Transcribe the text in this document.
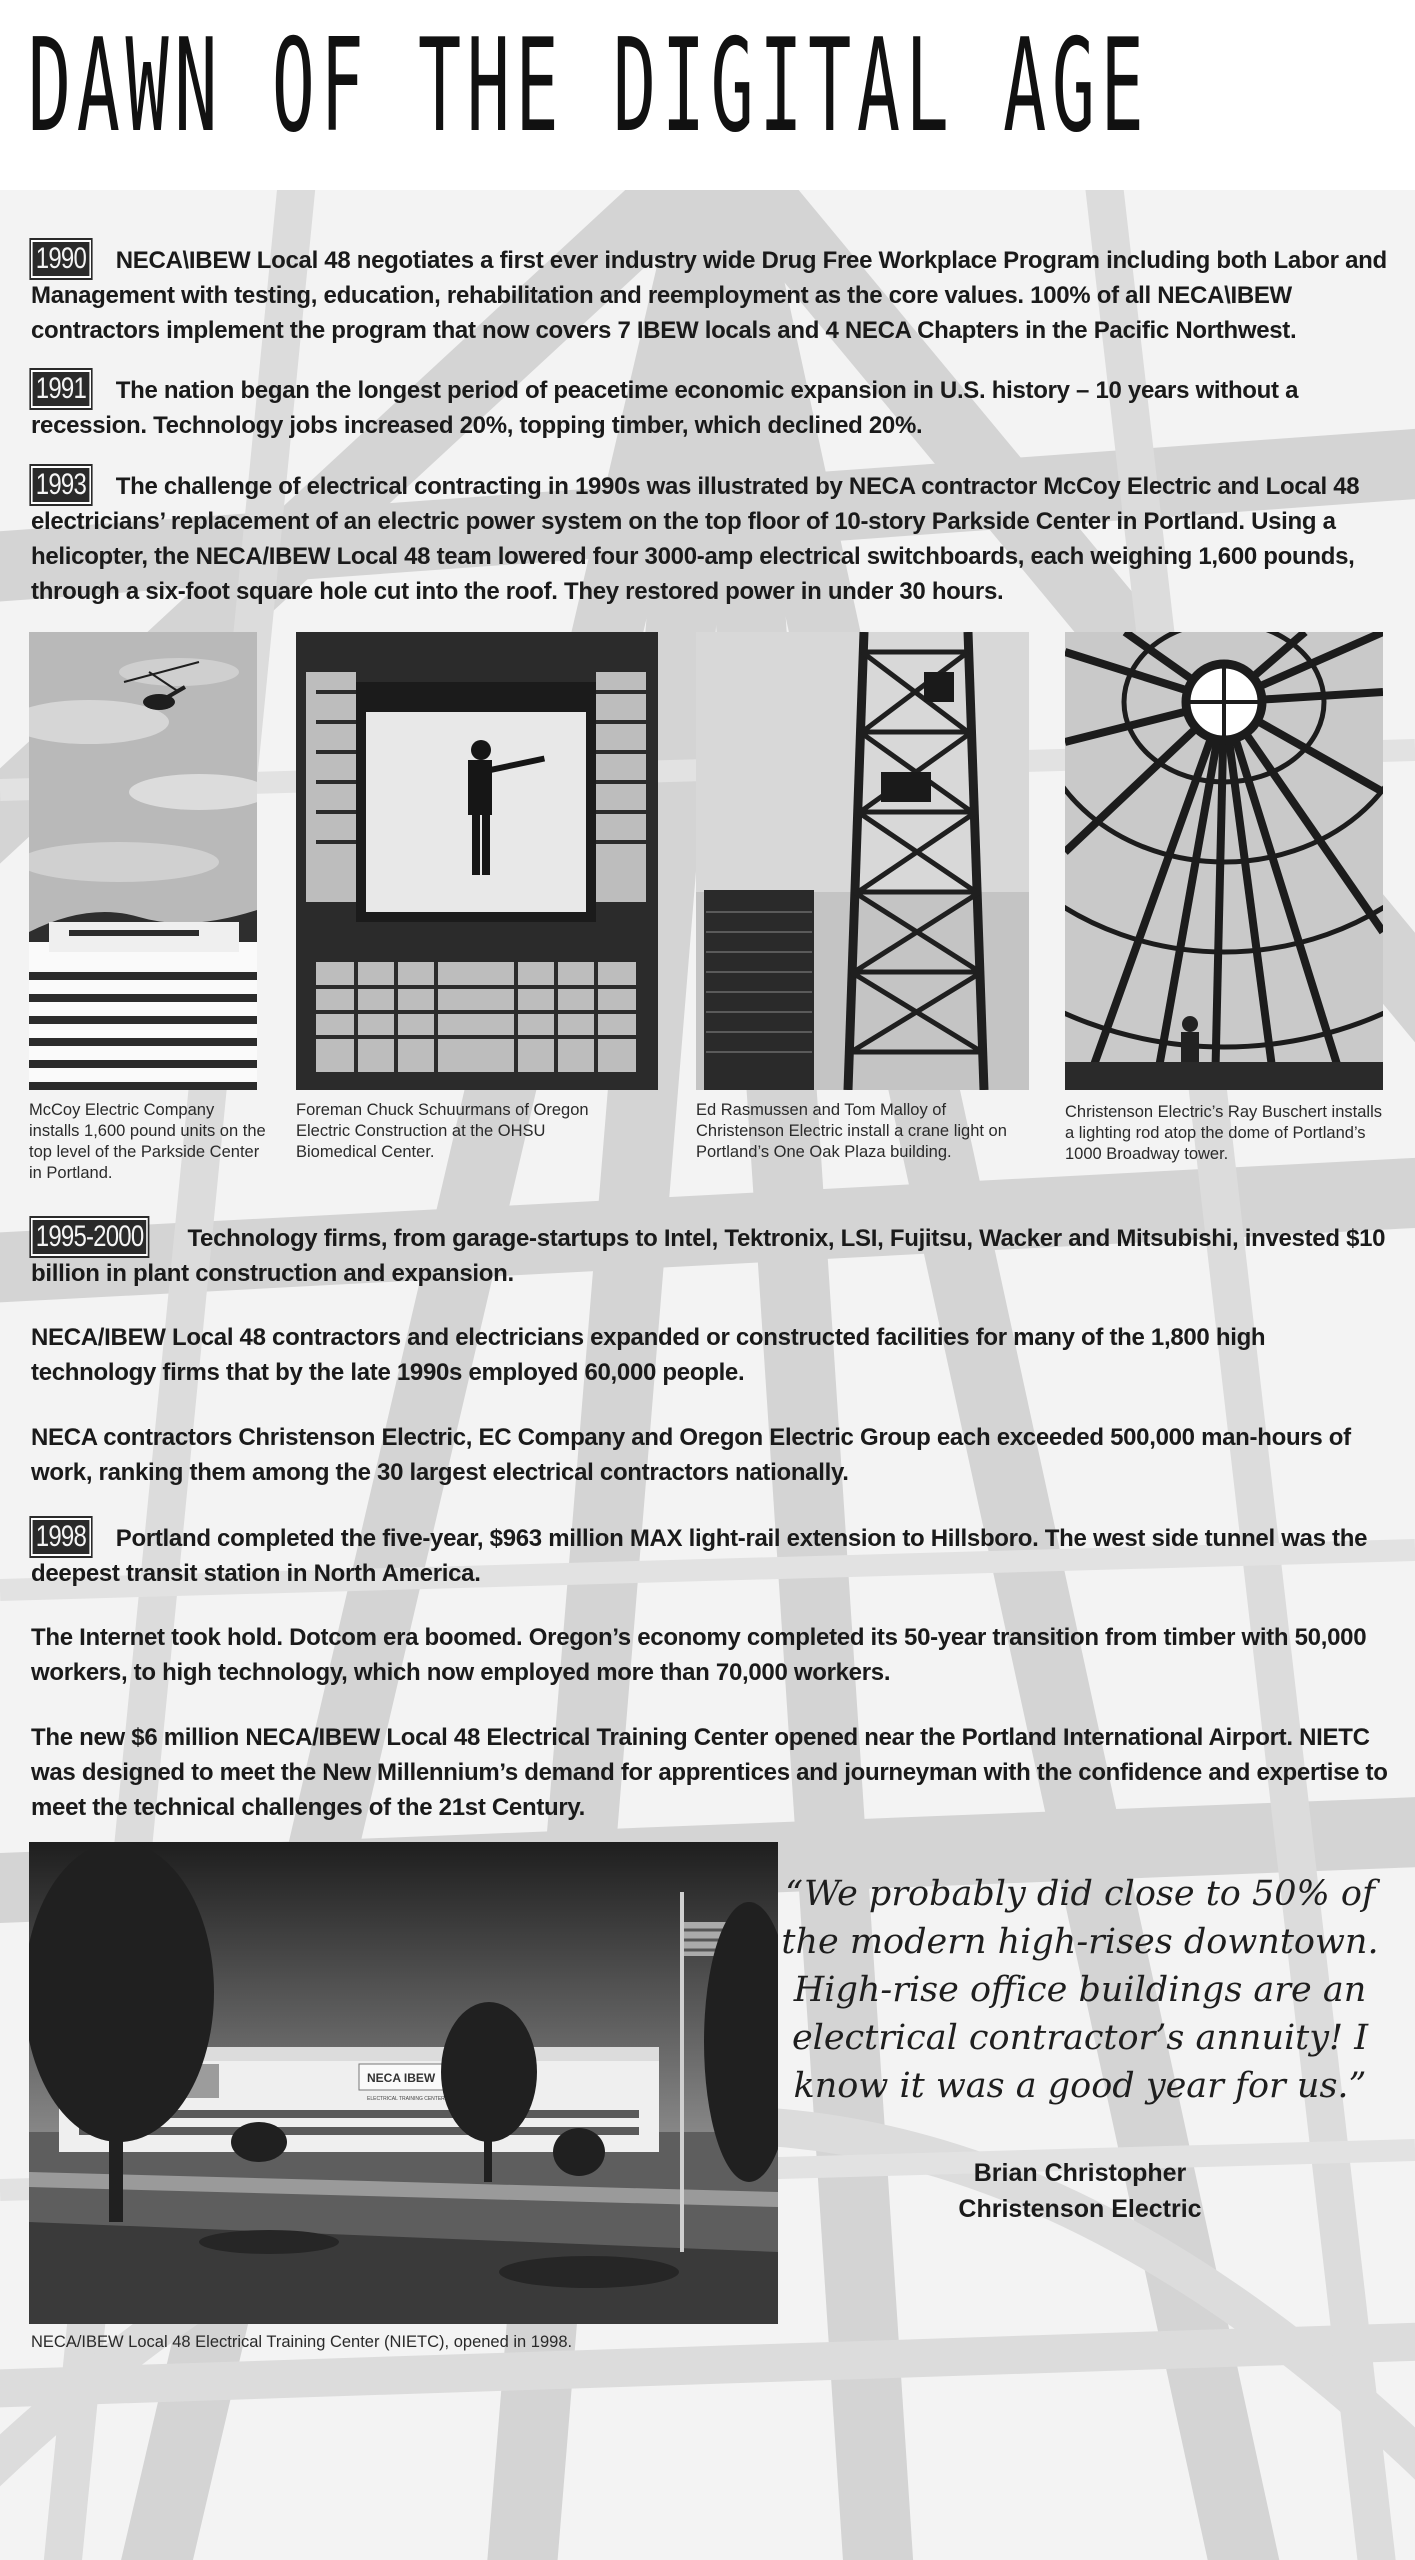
DAWN OF THE DIGITAL AGE

1990 NECA\IBEW Local 48 negotiates a first ever industry wide Drug Free Workplace Program including both Labor and Management with testing, education, rehabilitation and reemployment as the core values. 100% of all NECA\IBEW contractors implement the program that now covers 7 IBEW locals and 4 NECA Chapters in the Pacific Northwest.

1991 The nation began the longest period of peacetime economic expansion in U.S. history – 10 years without a recession. Technology jobs increased 20%, topping timber, which declined 20%.

1993 The challenge of electrical contracting in 1990s was illustrated by NECA contractor McCoy Electric and Local 48 electricians’ replacement of an electric power system on the top floor of 10-story Parkside Center in Portland. Using a helicopter, the NECA/IBEW Local 48 team lowered four 3000-amp electrical switchboards, each weighing 1,600 pounds, through a six-foot square hole cut into the roof. They restored power in under 30 hours.

McCoy Electric Company installs 1,600 pound units on the top level of the Parkside Center in Portland.

Foreman Chuck Schuurmans of Oregon Electric Construction at the OHSU Biomedical Center.

Ed Rasmussen and Tom Malloy of Christenson Electric install a crane light on Portland’s One Oak Plaza building.

Christenson Electric’s Ray Buschert installs a lighting rod atop the dome of Portland’s 1000 Broadway tower.

1995-2000 Technology firms, from garage-startups to Intel, Tektronix, LSI, Fujitsu, Wacker and Mitsubishi, invested $10 billion in plant construction and expansion.

NECA/IBEW Local 48 contractors and electricians expanded or constructed facilities for many of the 1,800 high technology firms that by the late 1990s employed 60,000 people.

NECA contractors Christenson Electric, EC Company and Oregon Electric Group each exceeded 500,000 man-hours of work, ranking them among the 30 largest electrical contractors nationally.

1998 Portland completed the five-year, $963 million MAX light-rail extension to Hillsboro. The west side tunnel was the deepest transit station in North America.

The Internet took hold. Dotcom era boomed. Oregon’s economy completed its 50-year transition from timber with 50,000 workers, to high technology, which now employed more than 70,000 workers.

The new $6 million NECA/IBEW Local 48 Electrical Training Center opened near the Portland International Airport. NIETC was designed to meet the New Millennium’s demand for apprentices and journeyman with the confidence and expertise to meet the technical challenges of the 21st Century.

NECA IBEW
ELECTRICAL TRAINING CENTER

NECA/IBEW Local 48 Electrical Training Center (NIETC), opened in 1998.

“We probably did close to 50% of the modern high-rises downtown. High-rise office buildings are an electrical contractor’s annuity! I know it was a good year for us.”

Brian Christopher
Christenson Electric
